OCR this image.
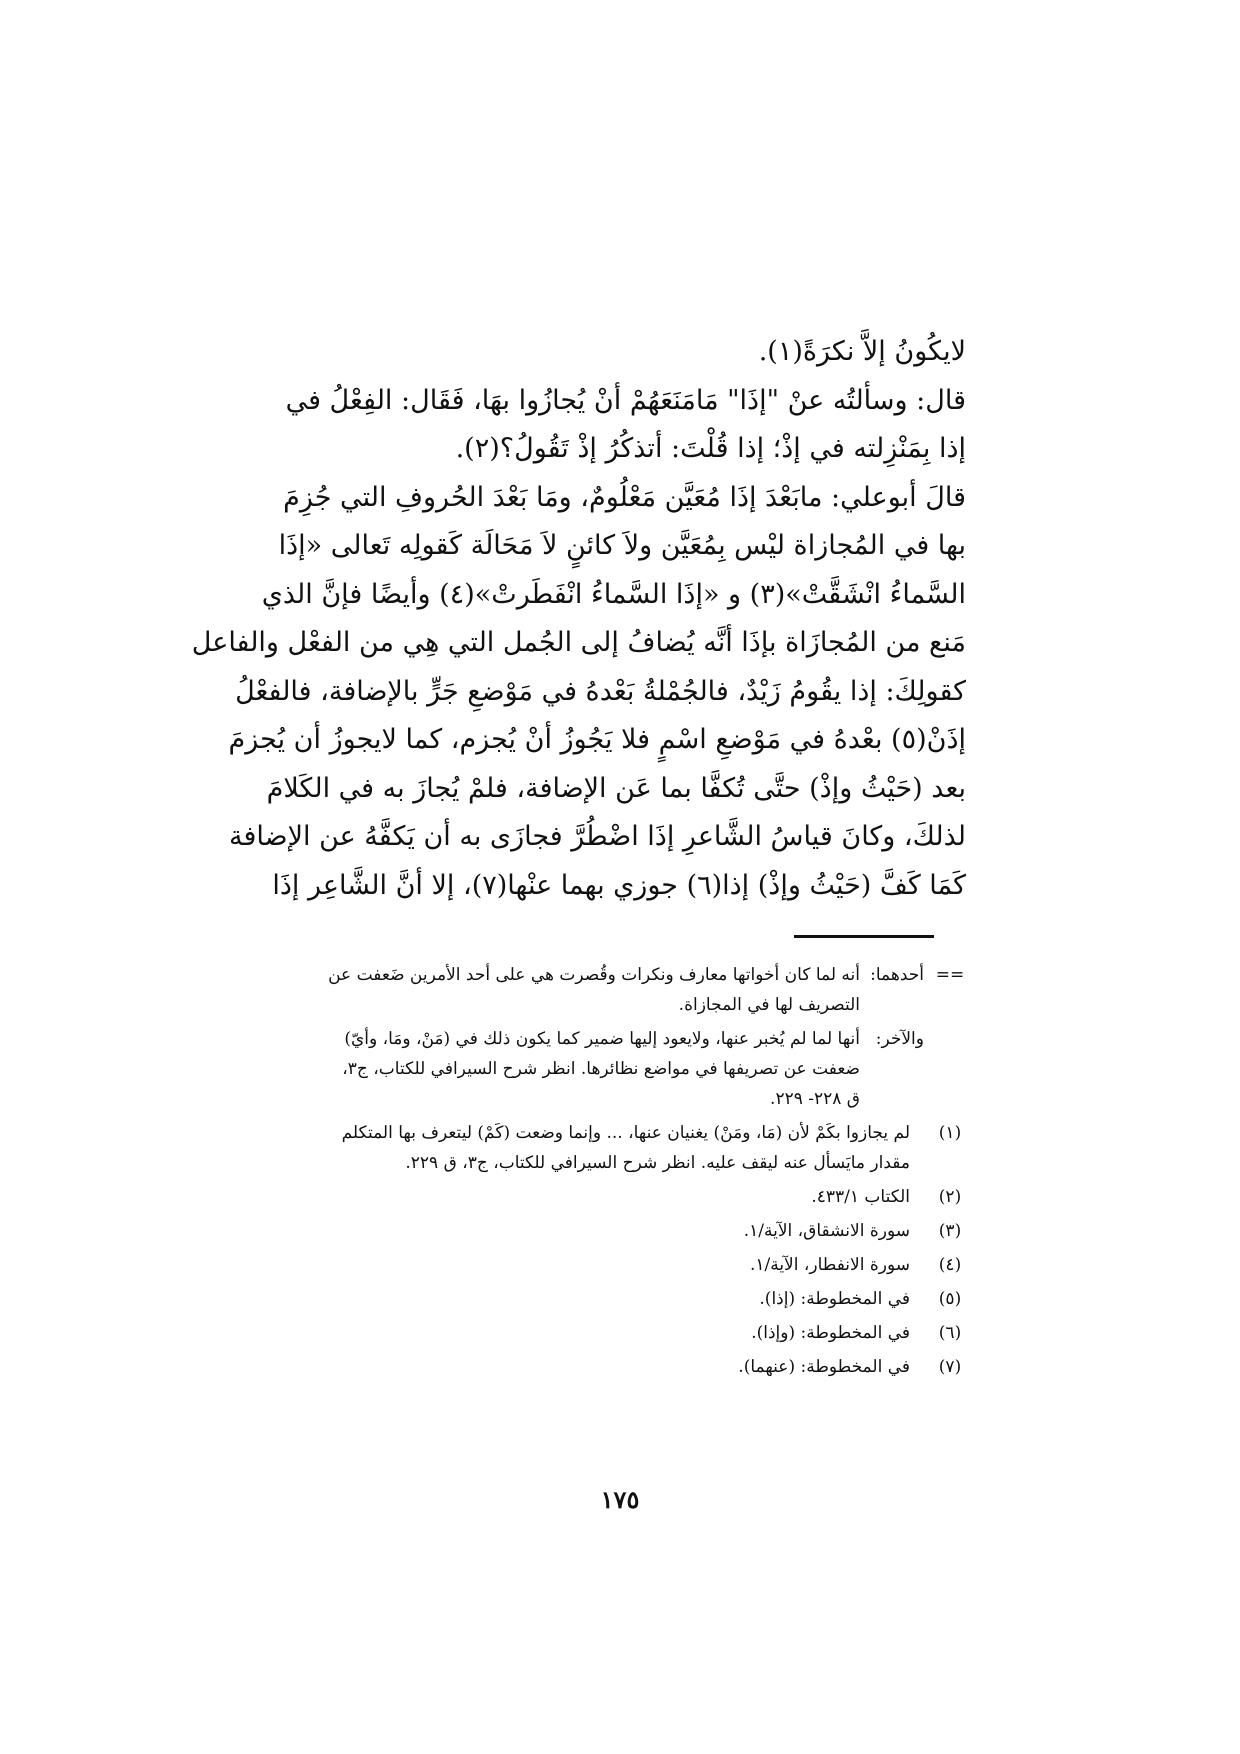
لايكُونُ إلاَّ نكرَةً(١).
قال: وسألتُه عنْ "إذَا" مَامَنَعَهُمْ أنْ يُجازُوا بهَا، فَقَال: الفِعْلُ في
إذا بِمَنْزِلته في إذْ؛ إذا قُلْتَ: أتذكُرُ إذْ تَقُولُ؟(٢).
قالَ أبوعلي: مابَعْدَ إذَا مُعَيَّن مَعْلُومٌ، ومَا بَعْدَ الحُروفِ التي جُزِمَ
بها في المُجازاة ليْس بِمُعَيَّن ولاَ كائنٍ لاَ مَحَالَة كَقولِه تَعالى «إذَا
السَّماءُ انْشَقَّتْ»(٣) و «إذَا السَّماءُ انْفَطَرتْ»(٤) وأيضًا فإنَّ الذي
مَنع من المُجازَاة بإذَا أنَّه يُضافُ إلى الجُمل التي هِي من الفعْل والفاعل
كقولِكَ: إذا يقُومُ زَيْدٌ، فالجُمْلةُ بَعْدهُ في مَوْضعِ جَرٍّ بالإضافة، فالفعْلُ
إذَنْ(٥) بعْدهُ في مَوْضعِ اسْمٍ فلا يَجُوزُ أنْ يُجزم، كما لايجوزُ أن يُجزمَ
بعد (حَيْثُ وإذْ) حتَّى تُكفَّا بما عَن الإضافة، فلمْ يُجازَ به في الكَلامَ
لذلكَ، وكانَ قياسُ الشَّاعرِ إذَا اضْطُرَّ فجازَى به أن يَكفَّهُ عن الإضافة
كَمَا كَفَّ (حَيْثُ وإذْ) إذا(٦) جوزي بهما عنْها(٧)، إلا أنَّ الشَّاعِر إذَا
==
أحدهما:
أنه لما كان أخواتها معارف ونكرات وقُصرت هي على أحد الأمرين ضَعفت عن
التصريف لها في المجازاة.
والآخر:
أنها لما لم يُخبر عنها، ولايعود إليها ضمير كما يكون ذلك في (مَنْ، ومَا، وأيّ)
ضعفت عن تصريفها في مواضع نظائرها. انظر شرح السيرافي للكتاب، ج٣،
ق ٢٢٨- ٢٢٩.
(١)
لم يجازوا بكَمْ لأن (مَا، ومَنْ) يغنيان عنها، ... وإنما وضعت (كَمْ) ليتعرف بها المتكلم
مقدار مايَسأل عنه ليقف عليه. انظر شرح السيرافي للكتاب، ج٣، ق ٢٢٩.
(٢)
الكتاب ٤٣٣/١.
(٣)
سورة الانشقاق، الآية/١.
(٤)
سورة الانفطار، الآية/١.
(٥)
في المخطوطة: (إذا).
(٦)
في المخطوطة: (وإذا).
(٧)
في المخطوطة: (عنهما).
١٧٥
